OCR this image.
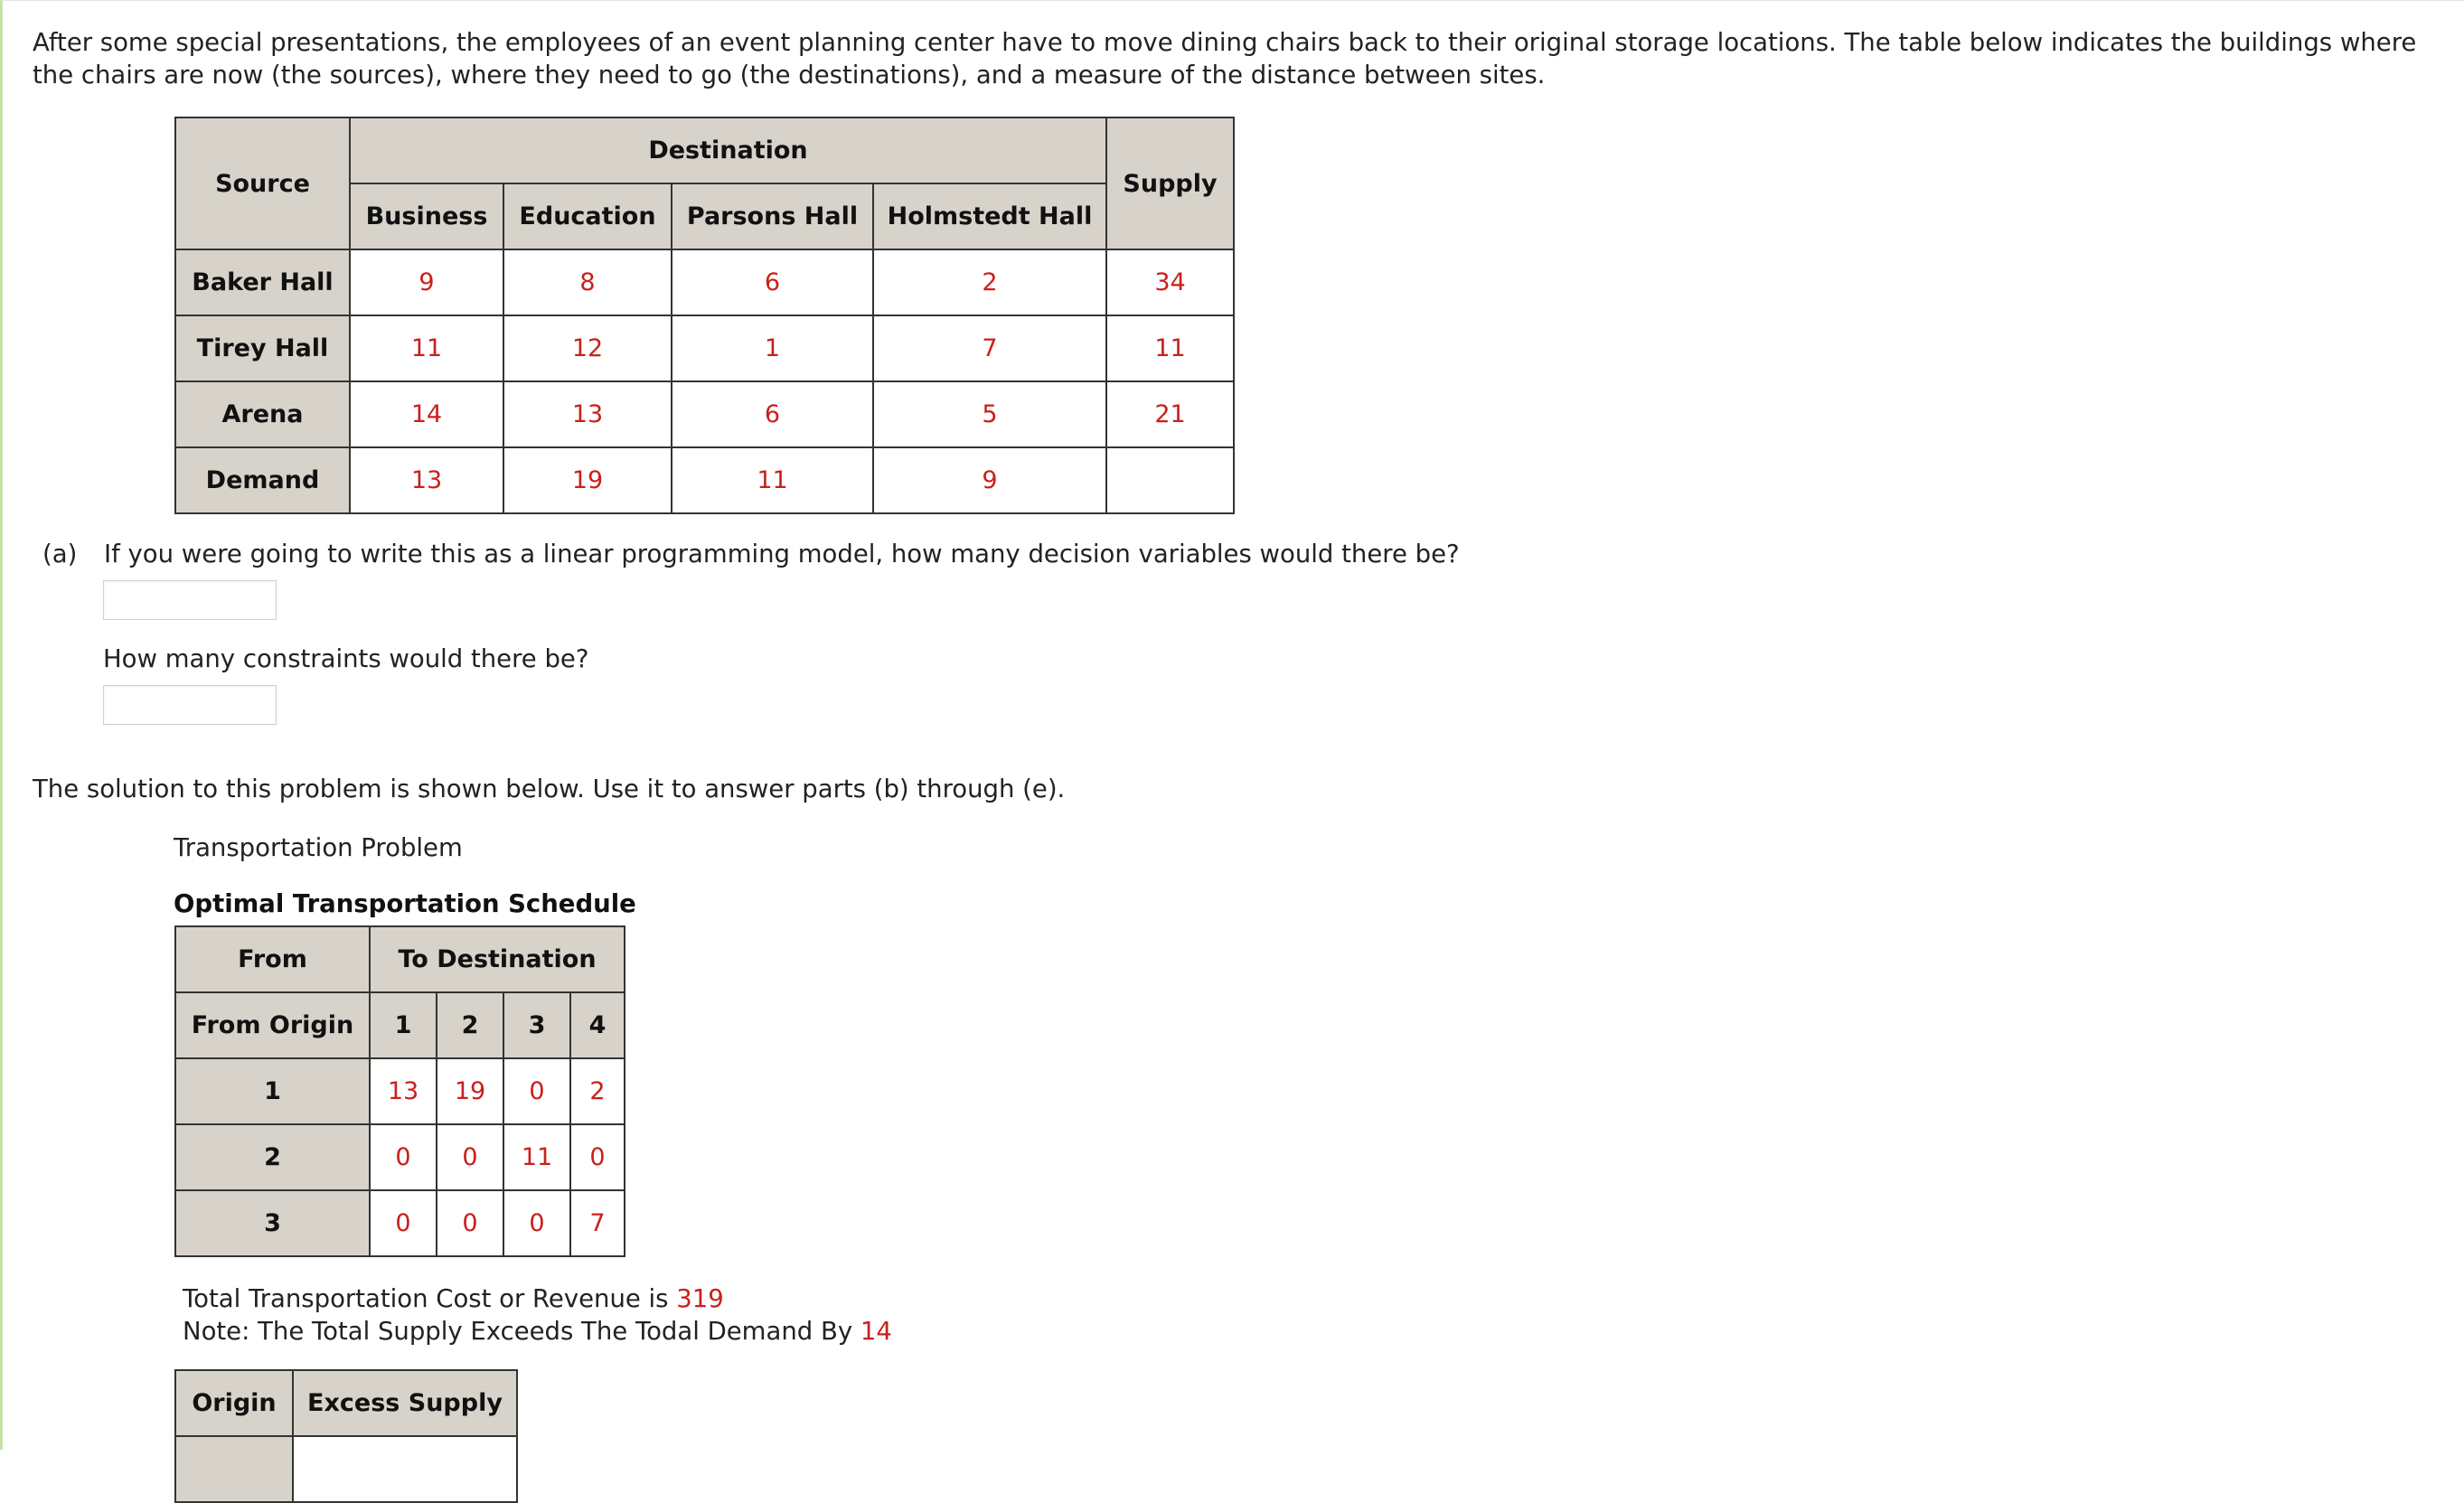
After some special presentations, the employees of an event planning center have to move dining chairs back to their original storage locations. The table below indicates the buildings where the chairs are now (the sources), where they need to go (the destinations), and a measure of the distance between sites.
Source	Destination				Supply
	Business	Education	Parsons Hall	Holmstedt Hall	
Baker Hall	9	8	6	2	34
Tirey Hall	11	12	1	7	11
Arena	14	13	6	5	21
Demand	13	19	11	9	
(a) If you were going to write this as a linear programming model, how many decision variables would there be?
How many constraints would there be?
The solution to this problem is shown below. Use it to answer parts (b) through (e).
Transportation Problem
Optimal Transportation Schedule
From	To Destination			
From Origin	1	2	3	4
1	13	19	0	2
2	0	0	11	0
3	0	0	0	7
Total Transportation Cost or Revenue is 319
Note: The Total Supply Exceeds The Todal Demand By 14
Origin	Excess Supply
